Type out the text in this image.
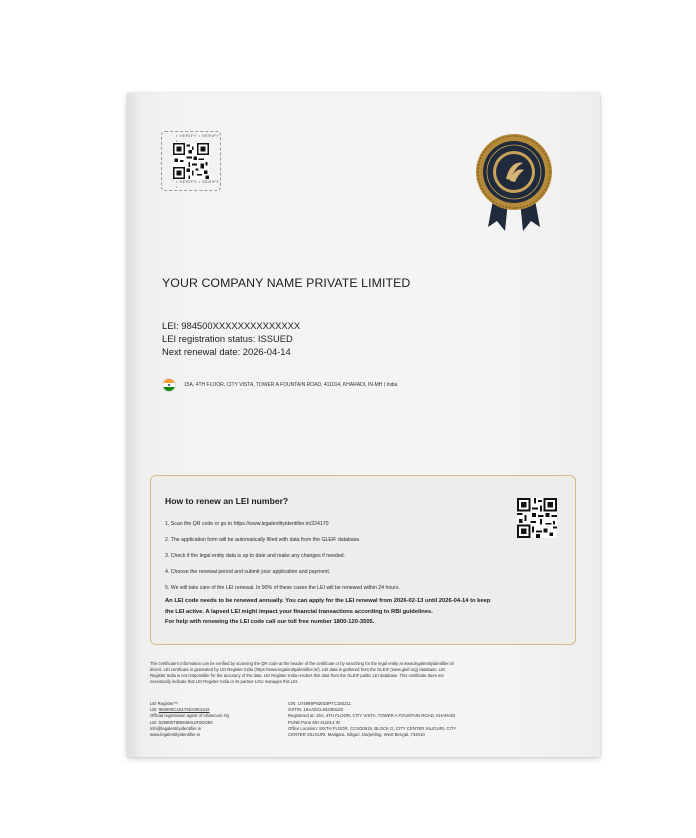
• VERIFY • VERIFY •
• VERIFY • VERIFY •
YOUR COMPANY NAME PRIVATE LIMITED
LEI: 984500XXXXXXXXXXXXXX
LEI registration status: ISSUED
Next renewal date: 2026-04-14
15A, 4TH FLOOR, CITY VISTA, TOWER A FOUNTAIN ROAD, 411014, KHARADI, IN-MH | India
How to renew an LEI number?
1. Scan the QR code or go to https://www.legalentityidentifier.in/224170
2. The application form will be automatically filled with data from the GLEIF database.
3. Check if the legal entity data is up to date and make any changes if needed.
4. Choose the renewal period and submit your application and payment.
5. We will take care of the LEI renewal. In 90% of these cases the LEI will be renewed within 24 hours.
An LEI code needs to be renewed annually. You can apply for the LEI renewal from 2026-02-13 until 2026-04-14 to keep
the LEI active. A lapsed LEI might impact your financial transactions according to RBI guidelines.
For help with renewing the LEI code call our toll free number 1800-120-3505.
The certificate's information can be verified by scanning the QR code at the header of the certificate or by searching for the legal entity at www.legalentityidentifier.in/
leicert. LEI certificate is generated by LEI Register India (https://www.legalentityidentifier.in/). LEI data is gathered from the GLEIF (www.gleif.org) database. LEI
Register India is not responsible for the accuracy of the data. LEI Register India renders this data from the GLEIF public LEI database. This certificate does not
necessarily indicate that LEI Register India or its partner LOU manages this LEI.
LEI Register™
LEI: 984500CA5176DA0E4442
Official registration agent of Ubisecure Oy
LEI: 529900T8BM49AURSDO55
info@legalentityidentifier.in
www.legalentityidentifier.in
CIN: U74999PN2019PTC184211
GSTIN: 19AADCL9323M1Z0
Registered at: 15A, 4TH FLOOR, CITY VISTA, TOWER A FOUNTAIN ROAD, KHARADI
PUNE Pune MH 411014 IN
Office Location: SIXTH FLOOR, CCSG0615, BLOCK G, CITY CENTER SILIGURI, CITY
CENTER SILIGURI, Matigara, Siliguri, Darjeeling, West Bengal, 734010
